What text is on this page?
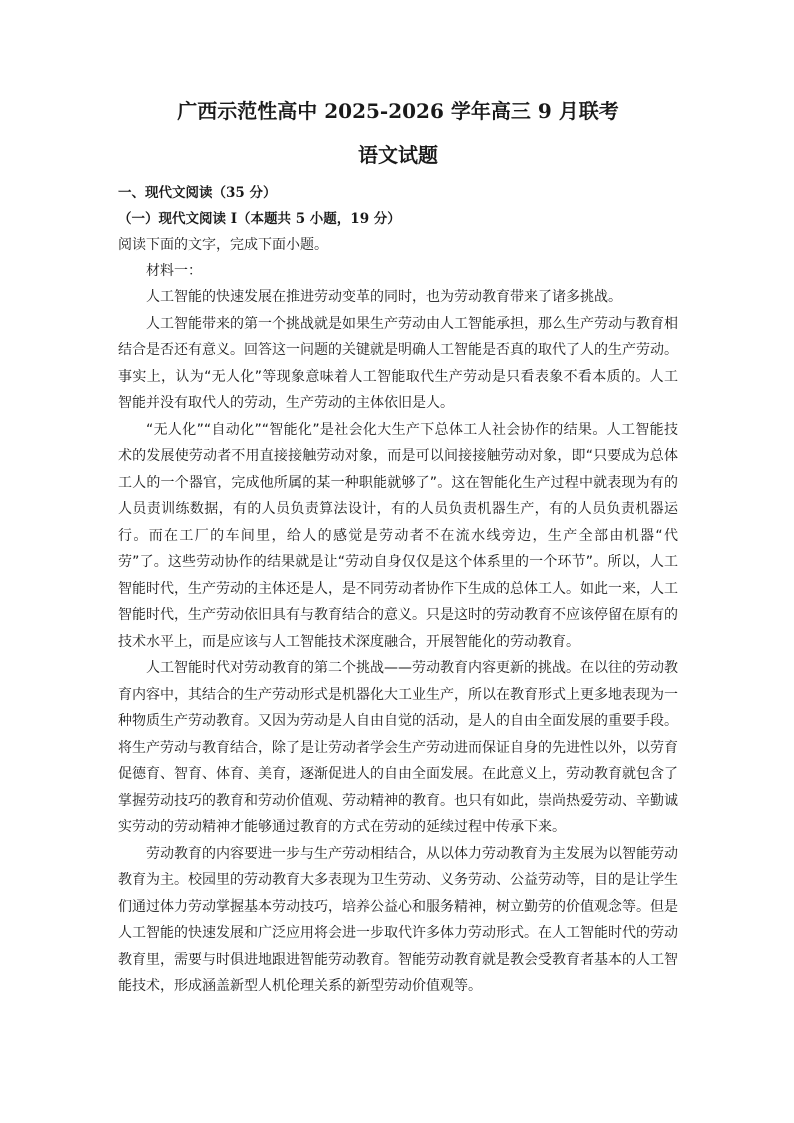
广西示范性高中 2025-2026 学年高三 9 月联考
语文试题

一、现代文阅读（35 分）

（一）现代文阅读 I（本题共 5 小题，19 分）

阅读下面的文字，完成下面小题。

材料一：

人工智能的快速发展在推进劳动变革的同时，也为劳动教育带来了诸多挑战。

人工智能带来的第一个挑战就是如果生产劳动由人工智能承担，那么生产劳动与教育相结合是否还有意义。回答这一问题的关键就是明确人工智能是否真的取代了人的生产劳动。事实上，认为“无人化”等现象意味着人工智能取代生产劳动是只看表象不看本质的。人工智能并没有取代人的劳动，生产劳动的主体依旧是人。

“无人化”“自动化”“智能化”是社会化大生产下总体工人社会协作的结果。人工智能技术的发展使劳动者不用直接接触劳动对象，而是可以间接接触劳动对象，即“只要成为总体工人的一个器官，完成他所属的某一种职能就够了”。这在智能化生产过程中就表现为有的人员责训练数据，有的人员负责算法设计，有的人员负责机器生产，有的人员负责机器运行。而在工厂的车间里，给人的感觉是劳动者不在流水线旁边，生产全部由机器“代劳”了。这些劳动协作的结果就是让“劳动自身仅仅是这个体系里的一个环节”。所以，人工智能时代，生产劳动的主体还是人，是不同劳动者协作下生成的总体工人。如此一来，人工智能时代，生产劳动依旧具有与教育结合的意义。只是这时的劳动教育不应该停留在原有的技术水平上，而是应该与人工智能技术深度融合，开展智能化的劳动教育。

人工智能时代对劳动教育的第二个挑战——劳动教育内容更新的挑战。在以往的劳动教育内容中，其结合的生产劳动形式是机器化大工业生产，所以在教育形式上更多地表现为一种物质生产劳动教育。又因为劳动是人自由自觉的活动，是人的自由全面发展的重要手段。将生产劳动与教育结合，除了是让劳动者学会生产劳动进而保证自身的先进性以外，以劳育促德育、智育、体育、美育，逐渐促进人的自由全面发展。在此意义上，劳动教育就包含了掌握劳动技巧的教育和劳动价值观、劳动精神的教育。也只有如此，崇尚热爱劳动、辛勤诚实劳动的劳动精神才能够通过教育的方式在劳动的延续过程中传承下来。

劳动教育的内容要进一步与生产劳动相结合，从以体力劳动教育为主发展为以智能劳动教育为主。校园里的劳动教育大多表现为卫生劳动、义务劳动、公益劳动等，目的是让学生们通过体力劳动掌握基本劳动技巧，培养公益心和服务精神，树立勤劳的价值观念等。但是人工智能的快速发展和广泛应用将会进一步取代许多体力劳动形式。在人工智能时代的劳动教育里，需要与时俱进地跟进智能劳动教育。智能劳动教育就是教会受教育者基本的人工智能技术，形成涵盖新型人机伦理关系的新型劳动价值观等。
